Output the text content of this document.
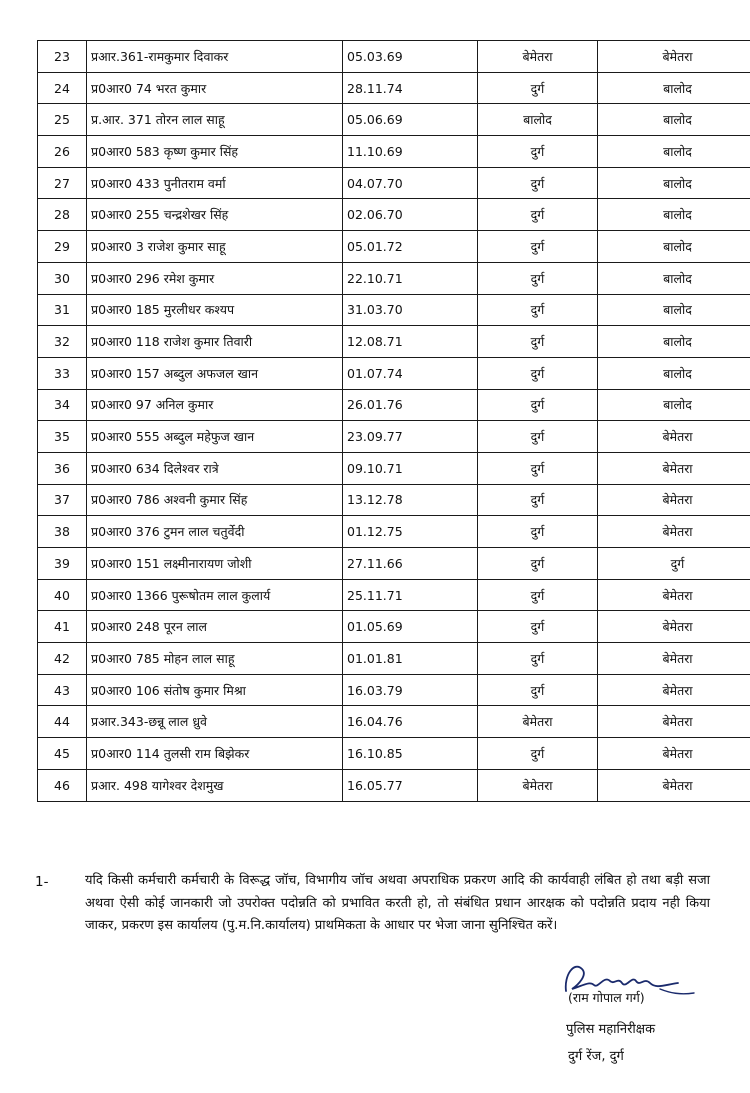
23	प्रआर.361-रामकुमार दिवाकर	05.03.69	बेमेतरा	बेमेतरा
24	प्र0आर0 74 भरत कुमार	28.11.74	दुर्ग	बालोद
25	प्र.आर. 371 तोरन लाल साहू	05.06.69	बालोद	बालोद
26	प्र0आर0 583 कृष्ण कुमार सिंह	11.10.69	दुर्ग	बालोद
27	प्र0आर0 433 पुनीतराम वर्मा	04.07.70	दुर्ग	बालोद
28	प्र0आर0 255 चन्द्रशेखर सिंह	02.06.70	दुर्ग	बालोद
29	प्र0आर0 3 राजेश कुमार साहू	05.01.72	दुर्ग	बालोद
30	प्र0आर0 296 रमेश कुमार	22.10.71	दुर्ग	बालोद
31	प्र0आर0 185 मुरलीधर कश्यप	31.03.70	दुर्ग	बालोद
32	प्र0आर0 118 राजेश कुमार तिवारी	12.08.71	दुर्ग	बालोद
33	प्र0आर0 157 अब्दुल अफजल खान	01.07.74	दुर्ग	बालोद
34	प्र0आर0 97 अनिल कुमार	26.01.76	दुर्ग	बालोद
35	प्र0आर0 555 अब्दुल महेफुज खान	23.09.77	दुर्ग	बेमेतरा
36	प्र0आर0 634 दिलेश्वर रात्रे	09.10.71	दुर्ग	बेमेतरा
37	प्र0आर0 786 अश्वनी कुमार सिंह	13.12.78	दुर्ग	बेमेतरा
38	प्र0आर0 376 टुमन लाल चतुर्वेदी	01.12.75	दुर्ग	बेमेतरा
39	प्र0आर0 151 लक्ष्मीनारायण जोशी	27.11.66	दुर्ग	दुर्ग
40	प्र0आर0 1366 पुरूषोतम लाल कुलार्य	25.11.71	दुर्ग	बेमेतरा
41	प्र0आर0 248 पूरन लाल	01.05.69	दुर्ग	बेमेतरा
42	प्र0आर0 785 मोहन लाल साहू	01.01.81	दुर्ग	बेमेतरा
43	प्र0आर0 106 संतोष कुमार मिश्रा	16.03.79	दुर्ग	बेमेतरा
44	प्रआर.343-छन्नू लाल ध्रुवे	16.04.76	बेमेतरा	बेमेतरा
45	प्र0आर0 114 तुलसी राम बिझेकर	16.10.85	दुर्ग	बेमेतरा
46	प्रआर. 498 यागेश्वर देशमुख	16.05.77	बेमेतरा	बेमेतरा
1-	यदि किसी कर्मचारी कर्मचारी के विरूद्ध जॉच, विभागीय जॉच अथवा अपराधिक प्रकरण आदि की कार्यवाही लंबित हो तथा बड़ी सजा अथवा ऐसी कोई जानकारी जो उपरोक्त पदोन्नति को प्रभावित करती हो, तो संबंधित प्रधान आरक्षक को पदोन्नति प्रदाय नही किया जाकर, प्रकरण इस कार्यालय (पु.म.नि.कार्यालय) प्राथमिकता के आधार पर भेजा जाना सुनिश्चित करें।
(राम गोपाल गर्ग)
पुलिस महानिरीक्षक
दुर्ग रेंज, दुर्ग
